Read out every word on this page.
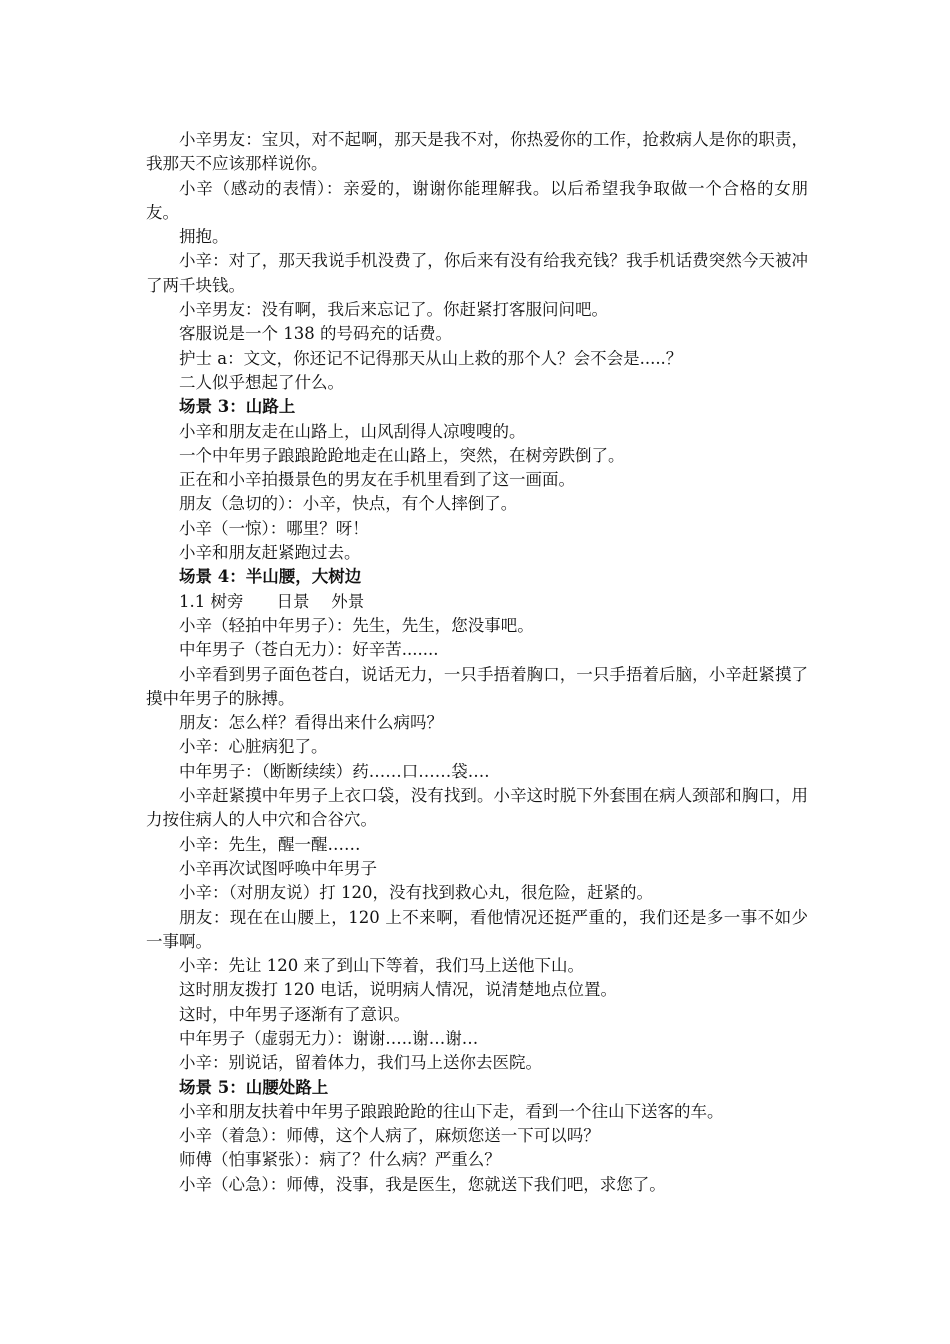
小辛男友：宝贝，对不起啊，那天是我不对，你热爱你的工作，抢救病人是你的职责，我那天不应该那样说你。

小辛（感动的表情）：亲爱的，谢谢你能理解我。以后希望我争取做一个合格的女朋友。

拥抱。

小辛：对了，那天我说手机没费了，你后来有没有给我充钱？我手机话费突然今天被冲了两千块钱。

小辛男友：没有啊，我后来忘记了。你赶紧打客服问问吧。

客服说是一个 138 的号码充的话费。

护士 a：文文，你还记不记得那天从山上救的那个人？会不会是.....？

二人似乎想起了什么。

场景 3：山路上

小辛和朋友走在山路上，山风刮得人凉嗖嗖的。

一个中年男子踉踉跄跄地走在山路上，突然，在树旁跌倒了。

正在和小辛拍摄景色的男友在手机里看到了这一画面。

朋友（急切的）：小辛，快点，有个人摔倒了。

小辛（一惊）：哪里？呀！

小辛和朋友赶紧跑过去。

场景 4：半山腰，大树边

1.1 树旁　　日景　 外景

小辛（轻拍中年男子）：先生，先生，您没事吧。

中年男子（苍白无力）：好辛苦.......

小辛看到男子面色苍白，说话无力，一只手捂着胸口，一只手捂着后脑，小辛赶紧摸了摸中年男子的脉搏。

朋友：怎么样？看得出来什么病吗？

小辛：心脏病犯了。

中年男子：（断断续续）药……口……袋….

小辛赶紧摸中年男子上衣口袋，没有找到。小辛这时脱下外套围在病人颈部和胸口，用力按住病人的人中穴和合谷穴。

小辛：先生，醒一醒……

小辛再次试图呼唤中年男子

小辛：（对朋友说）打 120，没有找到救心丸，很危险，赶紧的。

朋友：现在在山腰上，120 上不来啊，看他情况还挺严重的，我们还是多一事不如少一事啊。

小辛：先让 120 来了到山下等着，我们马上送他下山。

这时朋友拨打 120 电话，说明病人情况，说清楚地点位置。

这时，中年男子逐渐有了意识。

中年男子（虚弱无力）：谢谢…..谢…谢…

小辛：别说话，留着体力，我们马上送你去医院。

场景 5：山腰处路上

小辛和朋友扶着中年男子踉踉跄跄的往山下走，看到一个往山下送客的车。

小辛（着急）：师傅，这个人病了，麻烦您送一下可以吗？

师傅（怕事紧张）：病了？什么病？严重么？

小辛（心急）：师傅，没事，我是医生，您就送下我们吧，求您了。
